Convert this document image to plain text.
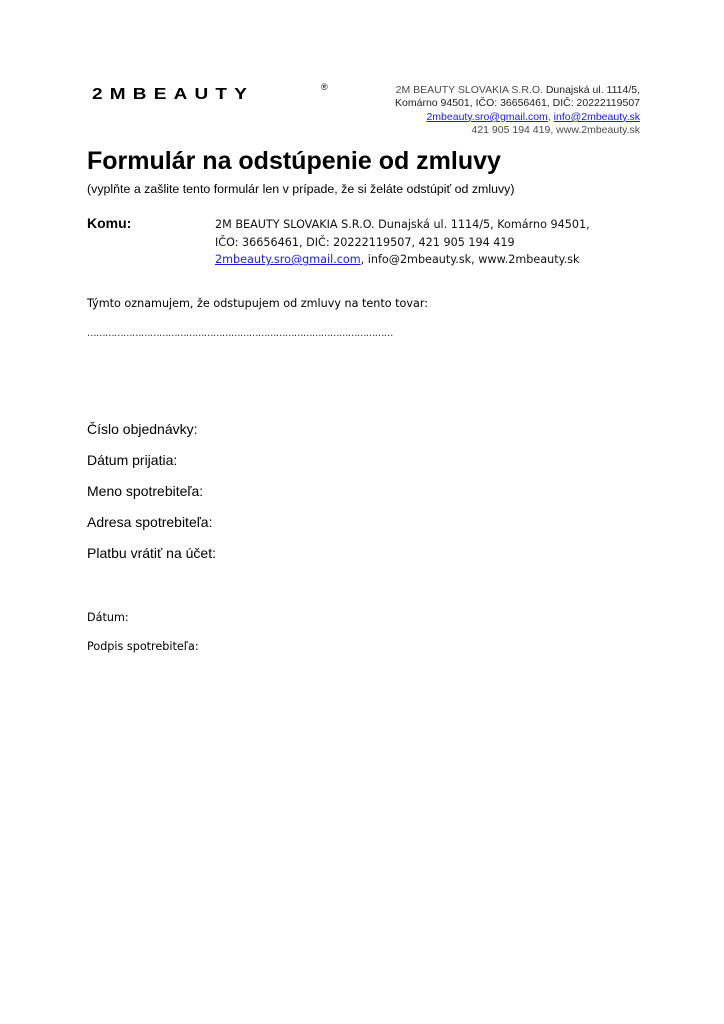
2MBEAUTY	®	2M BEAUTY SLOVAKIA S.R.O. Dunajská ul. 1114/5,
Komárno 94501, IČO: 36656461, DIČ: 20222119507
2mbeauty.sro@gmail.com, info@2mbeauty.sk
421 905 194 419, www.2mbeauty.sk
Formulár na odstúpenie od zmluvy
(vyplňte a zašlite tento formulár len v prípade, že si želáte odstúpiť od zmluvy)
Komu:	2M BEAUTY SLOVAKIA S.R.O. Dunajská ul. 1114/5, Komárno 94501,
IČO: 36656461, DIČ: 20222119507, 421 905 194 419
2mbeauty.sro@gmail.com, info@2mbeauty.sk, www.2mbeauty.sk
Týmto oznamujem, že odstupujem od zmluvy na tento tovar:
…………………………………………………………………………………………
Číslo objednávky:
Dátum prijatia:
Meno spotrebiteľa:
Adresa spotrebiteľa:
Platbu vrátiť na účet:
Dátum:
Podpis spotrebiteľa:
